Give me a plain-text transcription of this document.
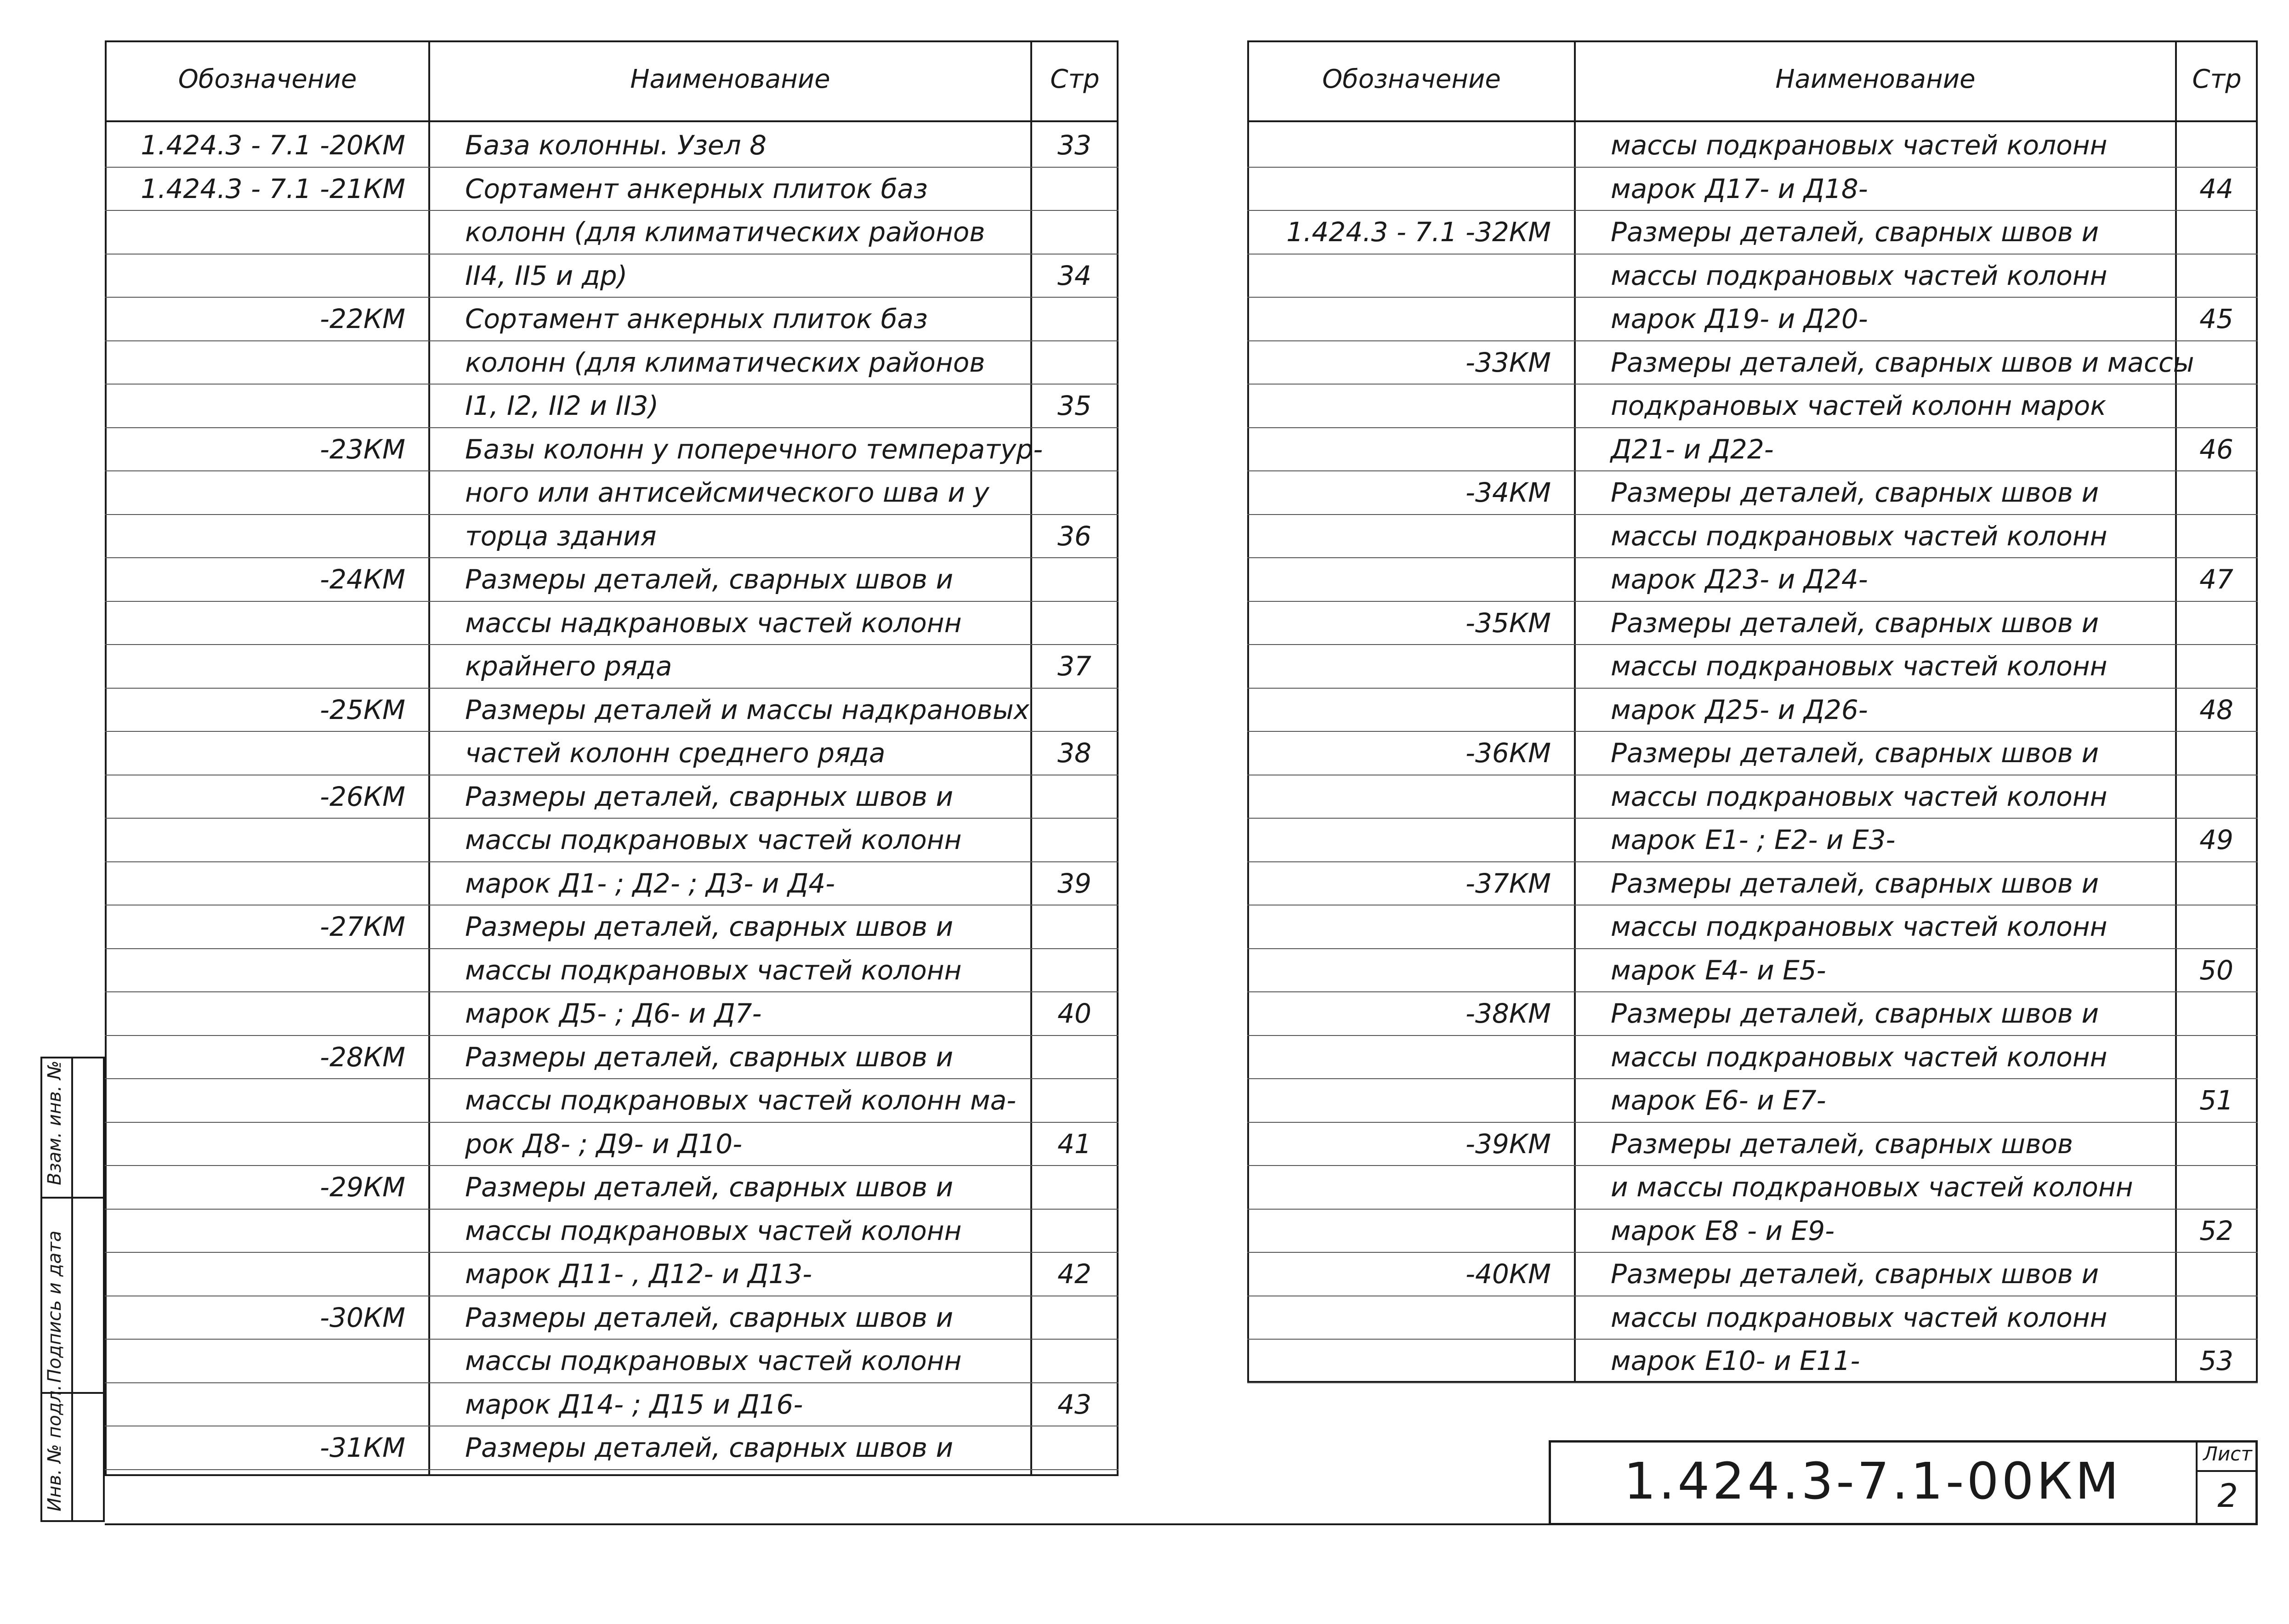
Обозначение	Наименование	Стр
1.424.3 - 7.1 -20КМ	База колонны. Узел 8	33
1.424.3 - 7.1 -21КМ	Сортамент анкерных плиток баз
колонн (для климатических районов
II4, II5 и др)	34
-22КМ	Сортамент анкерных плиток баз
колонн (для климатических районов
I1, I2, II2 и II3)	35
-23КМ	Базы колонн у поперечного температур-
ного или антисейсмического шва и у
торца здания	36
-24КМ	Размеры деталей, сварных швов и
массы надкрановых частей колонн
крайнего ряда	37
-25КМ	Размеры деталей и массы надкрановых
частей колонн среднего ряда	38
-26КМ	Размеры деталей, сварных швов и
массы подкрановых частей колонн
марок Д1- ; Д2- ; Д3- и Д4-	39
-27КМ	Размеры деталей, сварных швов и
массы подкрановых частей колонн
марок Д5- ; Д6- и Д7-	40
-28КМ	Размеры деталей, сварных швов и
массы подкрановых частей колонн ма-
рок Д8- ; Д9- и Д10-	41
-29КМ	Размеры деталей, сварных швов и
массы подкрановых частей колонн
марок Д11- , Д12- и Д13-	42
-30КМ	Размеры деталей, сварных швов и
массы подкрановых частей колонн
марок Д14- ; Д15 и Д16-	43
-31КМ	Размеры деталей, сварных швов и
Обозначение	Наименование	Стр
массы подкрановых частей колонн
марок Д17- и Д18-	44
1.424.3 - 7.1 -32КМ	Размеры деталей, сварных швов и
массы подкрановых частей колонн
марок Д19- и Д20-	45
-33КМ	Размеры деталей, сварных швов и массы
подкрановых частей колонн марок
Д21- и Д22-	46
-34КМ	Размеры деталей, сварных швов и
массы подкрановых частей колонн
марок Д23- и Д24-	47
-35КМ	Размеры деталей, сварных швов и
массы подкрановых частей колонн
марок Д25- и Д26-	48
-36КМ	Размеры деталей, сварных швов и
массы подкрановых частей колонн
марок Е1- ; Е2- и Е3-	49
-37КМ	Размеры деталей, сварных швов и
массы подкрановых частей колонн
марок Е4- и Е5-	50
-38КМ	Размеры деталей, сварных швов и
массы подкрановых частей колонн
марок Е6- и Е7-	51
-39КМ	Размеры деталей, сварных швов
и массы подкрановых частей колонн
марок Е8 - и Е9-	52
-40КМ	Размеры деталей, сварных швов и
массы подкрановых частей колонн
марок Е10- и Е11-	53
1.424.3-7.1-00КМ	Лист
2
Взам. инв. №
Подпись и дата
Инв. № подл.
